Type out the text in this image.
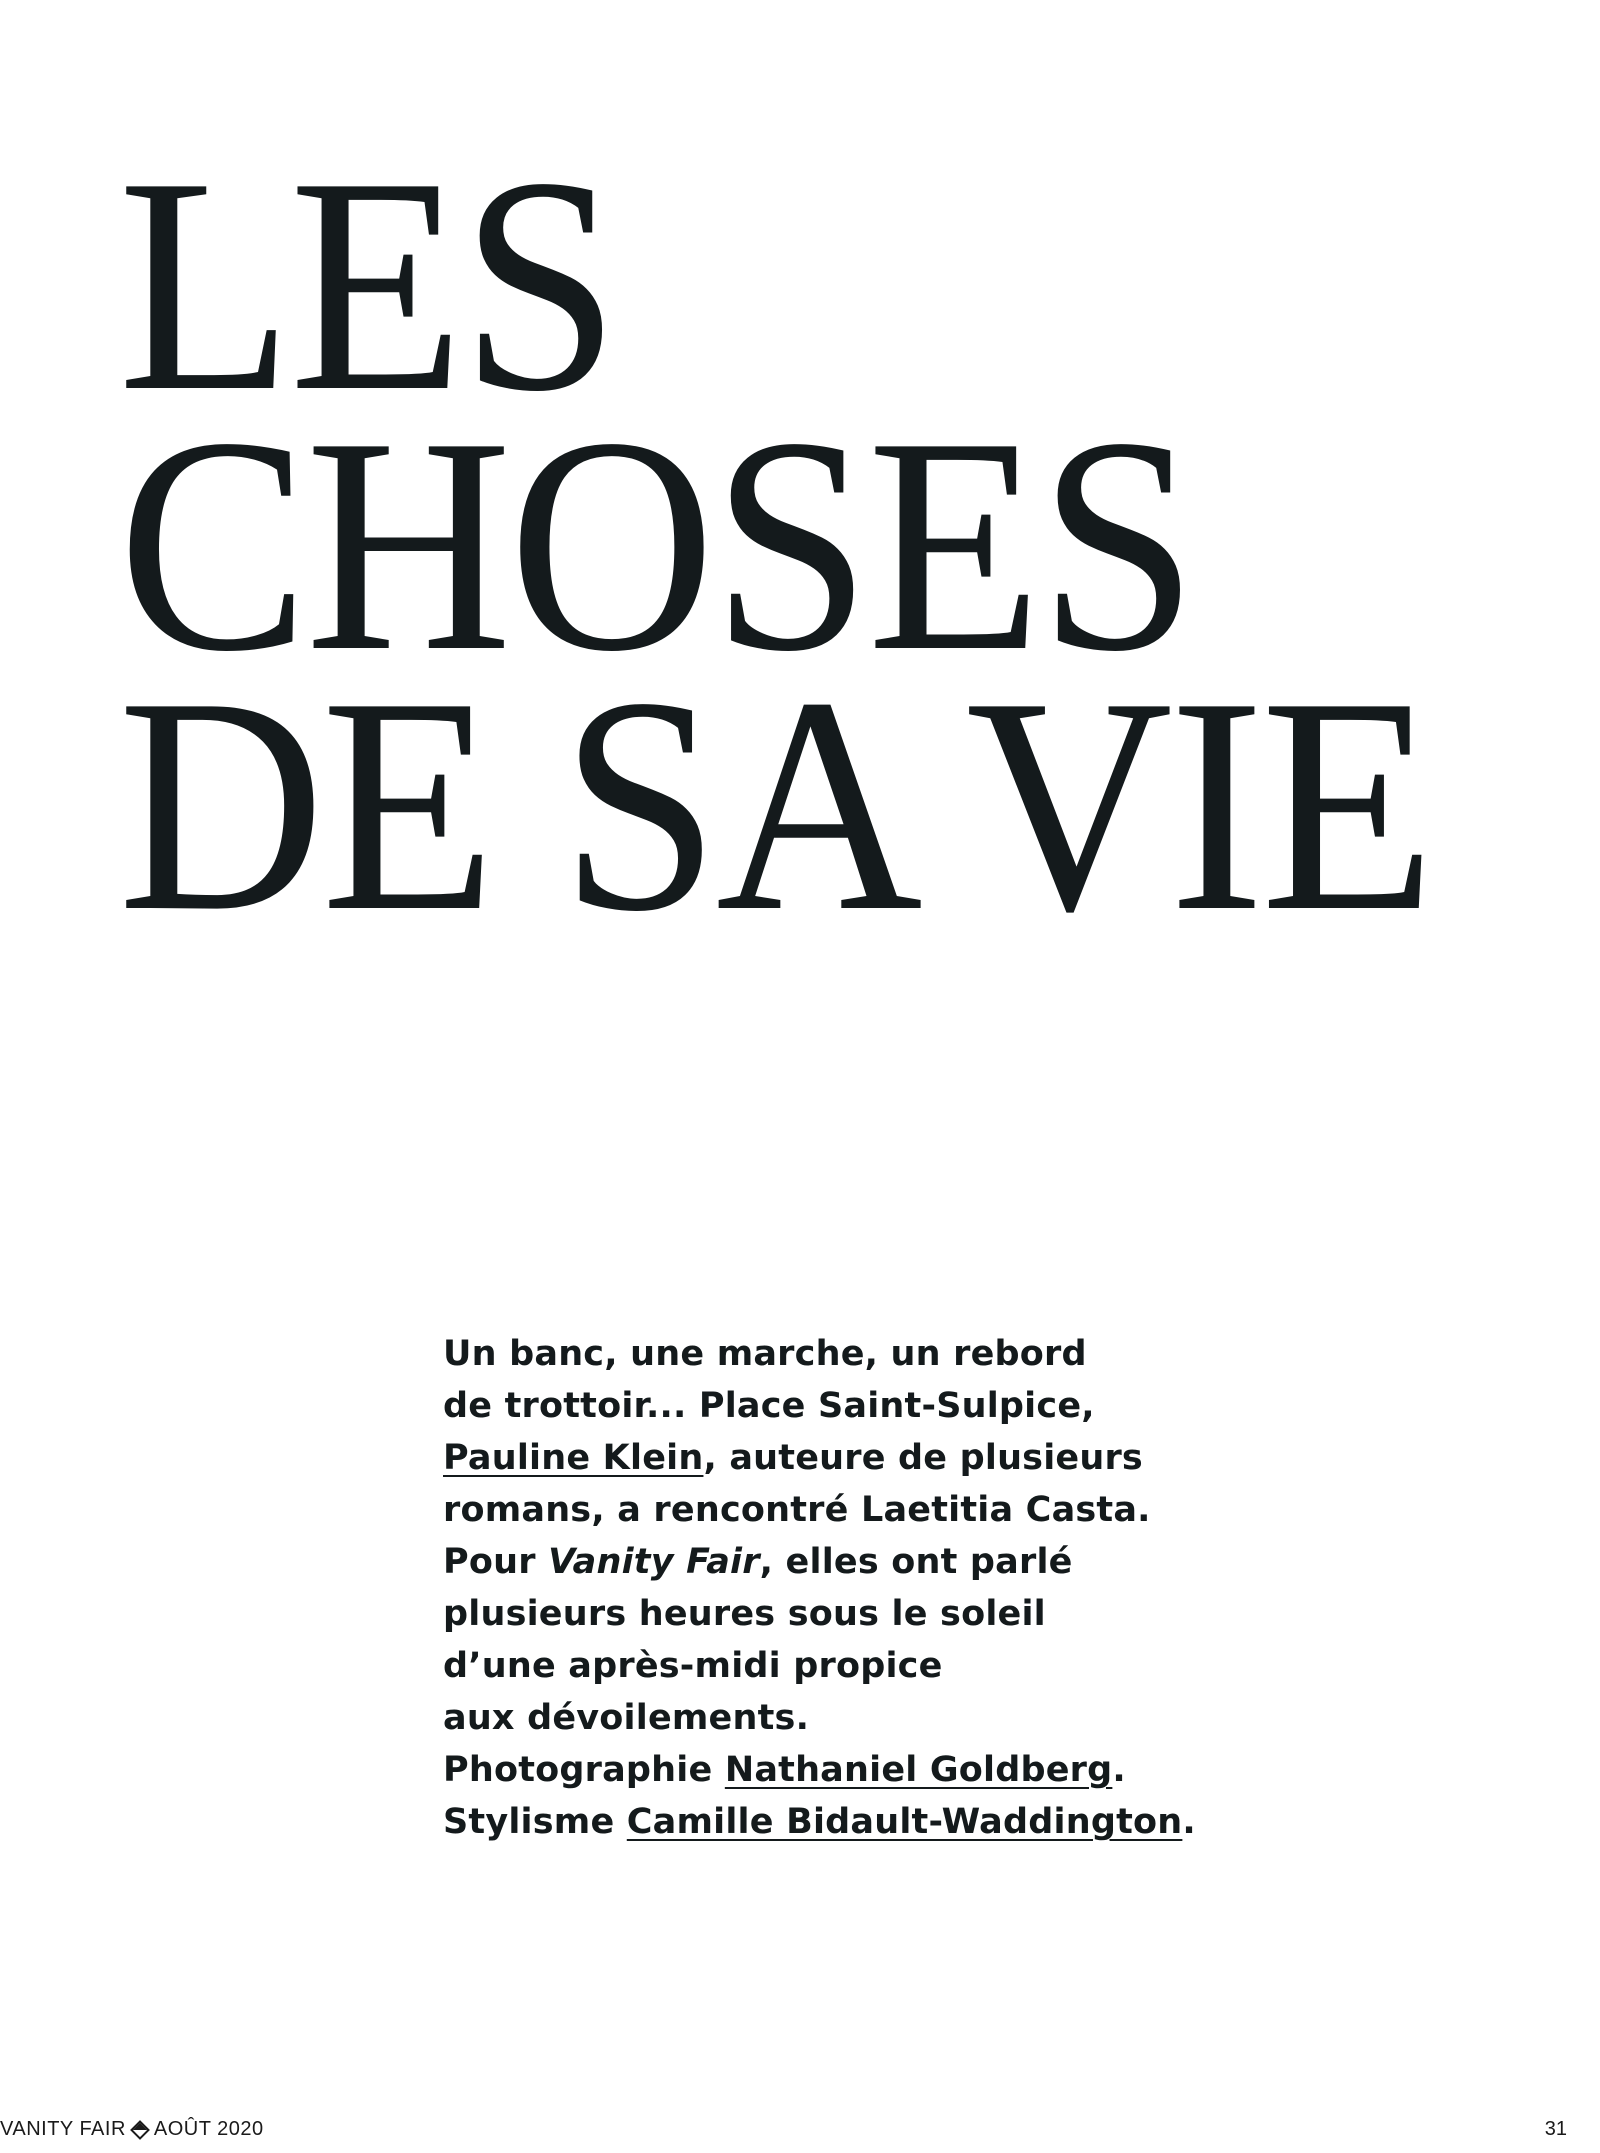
LES
CHOSES
DE SA VIE

Un banc, une marche, un rebord
de trottoir... Place Saint-Sulpice,
Pauline Klein, auteure de plusieurs
romans, a rencontré Laetitia Casta.
Pour Vanity Fair, elles ont parlé
plusieurs heures sous le soleil
d’une après-midi propice
aux dévoilements.
Photographie Nathaniel Goldberg.
Stylisme Camille Bidault-Waddington.

VANITY FAIR AOÛT 2020	31
